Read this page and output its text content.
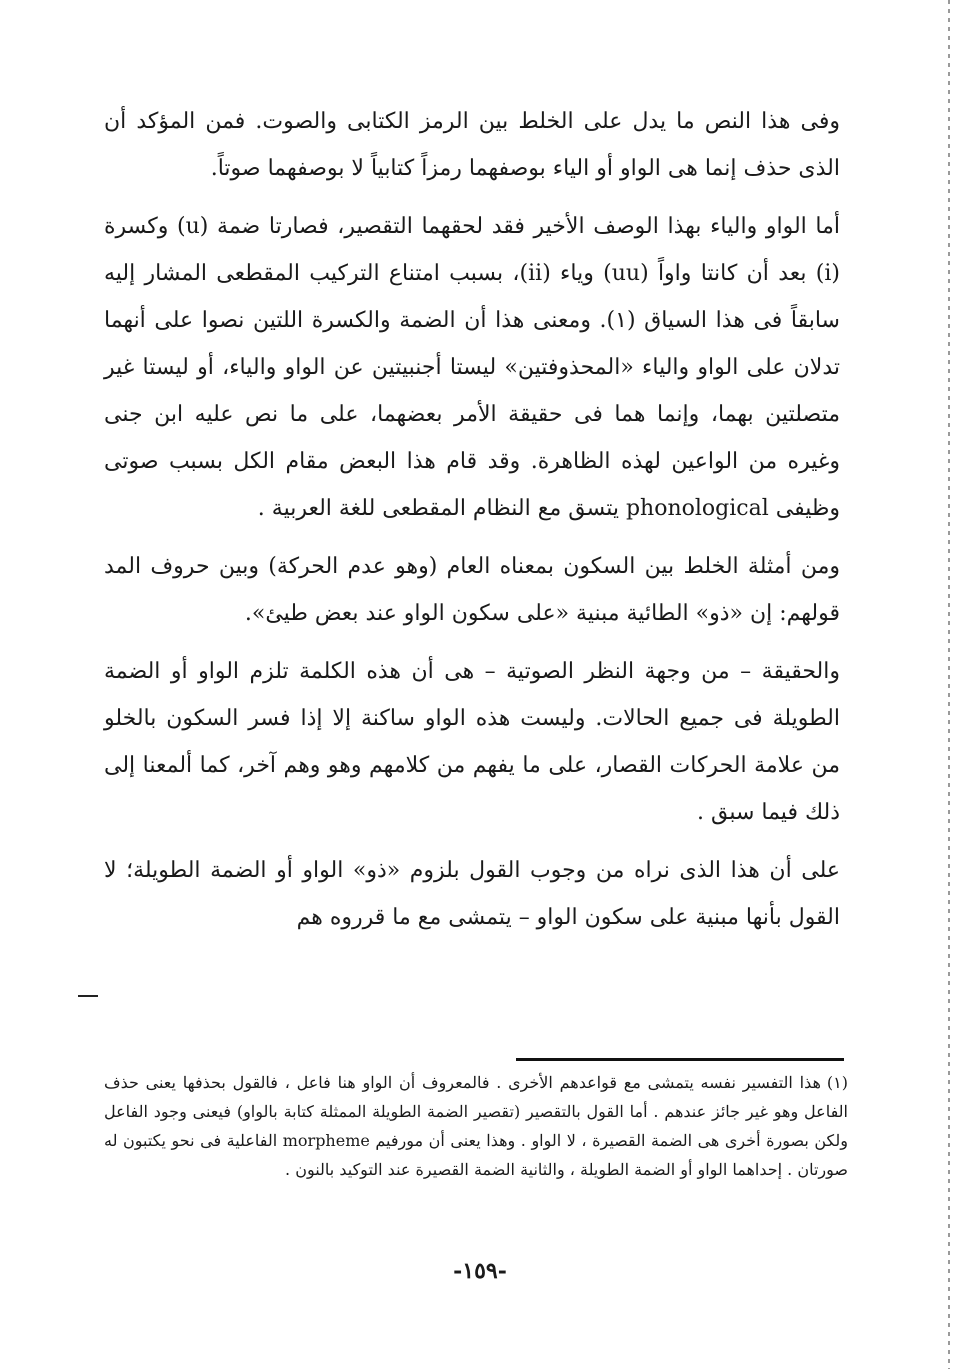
وفى هذا النص ما يدل على الخلط بين الرمز الكتابى والصوت. فمن المؤكد أن الذى حذف إنما هى الواو أو الياء بوصفهما رمزاً كتابياً لا بوصفهما صوتاً.

أما الواو والياء بهذا الوصف الأخير فقد لحقهما التقصير، فصارتا ضمة (u) وكسرة (i) بعد أن كانتا واواً (uu) وياء (ii)، بسبب امتناع التركيب المقطعى المشار إليه سابقاً فى هذا السياق (١). ومعنى هذا أن الضمة والكسرة اللتين نصوا على أنهما تدلان على الواو والياء «المحذوفتين» ليستا أجنبيتين عن الواو والياء، أو ليستا غير متصلتين بهما، وإنما هما فى حقيقة الأمر بعضهما، على ما نص عليه ابن جنى وغيره من الواعين لهذه الظاهرة. وقد قام هذا البعض مقام الكل بسبب صوتى وظيفى phonological يتسق مع النظام المقطعى للغة العربية .

ومن أمثلة الخلط بين السكون بمعناه العام (وهو عدم الحركة) وبين حروف المد قولهم: إن «ذو» الطائية مبنية «على سكون الواو عند بعض طيئ».

والحقيقة – من وجهة النظر الصوتية – هى أن هذه الكلمة تلزم الواو أو الضمة الطويلة فى جميع الحالات. وليست هذه الواو ساكنة إلا إذا فسر السكون بالخلو من علامة الحركات القصار، على ما يفهم من كلامهم وهو وهم آخر، كما ألمعنا إلى ذلك فيما سبق .

على أن هذا الذى نراه من وجوب القول بلزوم «ذو» الواو أو الضمة الطويلة؛ لا القول بأنها مبنية على سكون الواو – يتمشى مع ما قرروه هم

(١)هذا التفسير نفسه يتمشى مع قواعدهم الأخرى . فالمعروف أن الواو هنا فاعل ، فالقول بحذفها يعنى حذف الفاعل وهو غير جائز عندهم . أما القول بالتقصير (تقصير الضمة الطويلة الممثلة كتابة بالواو) فيعنى وجود الفاعل ولكن بصورة أخرى هى الضمة القصيرة ، لا الواو . وهذا يعنى أن مورفيم morpheme الفاعلية فى نحو يكتبون له صورتان . إحداهما الواو أو الضمة الطويلة ، والثانية الضمة القصيرة عند التوكيد بالنون .

-١٥٩-
